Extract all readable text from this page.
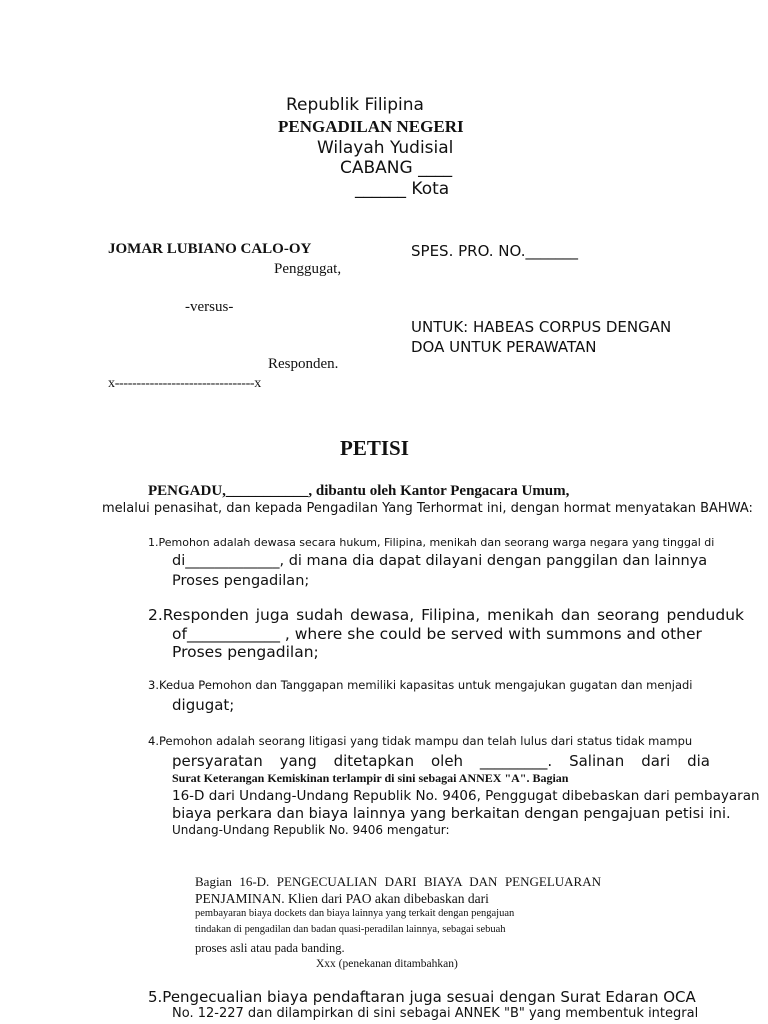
Republik Filipina
PENGADILAN NEGERI
Wilayah Yudisial
CABANG ____
______ Kota
JOMAR LUBIANO CALO-OY
Penggugat,
-versus-
Responden.
x--------------------------------x
SPES. PRO. NO._______
UNTUK: HABEAS CORPUS DENGAN
DOA UNTUK PERAWATAN
PETISI
PENGADU,___________, dibantu oleh Kantor Pengacara Umum,
melalui penasihat, dan kepada Pengadilan Yang Terhormat ini, dengan hormat menyatakan BAHWA:
1.Pemohon adalah dewasa secara hukum, Filipina, menikah dan seorang warga negara yang tinggal di
di_____________, di mana dia dapat dilayani dengan panggilan dan lainnya
Proses pengadilan;
2.Responden juga sudah dewasa, Filipina, menikah dan seorang penduduk
of____________ , where she could be served with summons and other
Proses pengadilan;
3.Kedua Pemohon dan Tanggapan memiliki kapasitas untuk mengajukan gugatan dan menjadi
digugat;
4.Pemohon adalah seorang litigasi yang tidak mampu dan telah lulus dari status tidak mampu
persyaratan yang ditetapkan oleh _________. Salinan dari dia
Surat Keterangan Kemiskinan terlampir di sini sebagai ANNEX "A". Bagian
16-D dari Undang-Undang Republik No. 9406, Penggugat dibebaskan dari pembayaran
biaya perkara dan biaya lainnya yang berkaitan dengan pengajuan petisi ini.
Undang-Undang Republik No. 9406 mengatur:
Bagian 16-D. PENGECUALIAN DARI BIAYA DAN PENGELUARAN
PENJAMINAN. Klien dari PAO akan dibebaskan dari
pembayaran biaya dockets dan biaya lainnya yang terkait dengan pengajuan
tindakan di pengadilan dan badan quasi-peradilan lainnya, sebagai sebuah
proses asli atau pada banding.
Xxx (penekanan ditambahkan)
5.Pengecualian biaya pendaftaran juga sesuai dengan Surat Edaran OCA
No. 12-227 dan dilampirkan di sini sebagai ANNEK "B" yang membentuk integral
